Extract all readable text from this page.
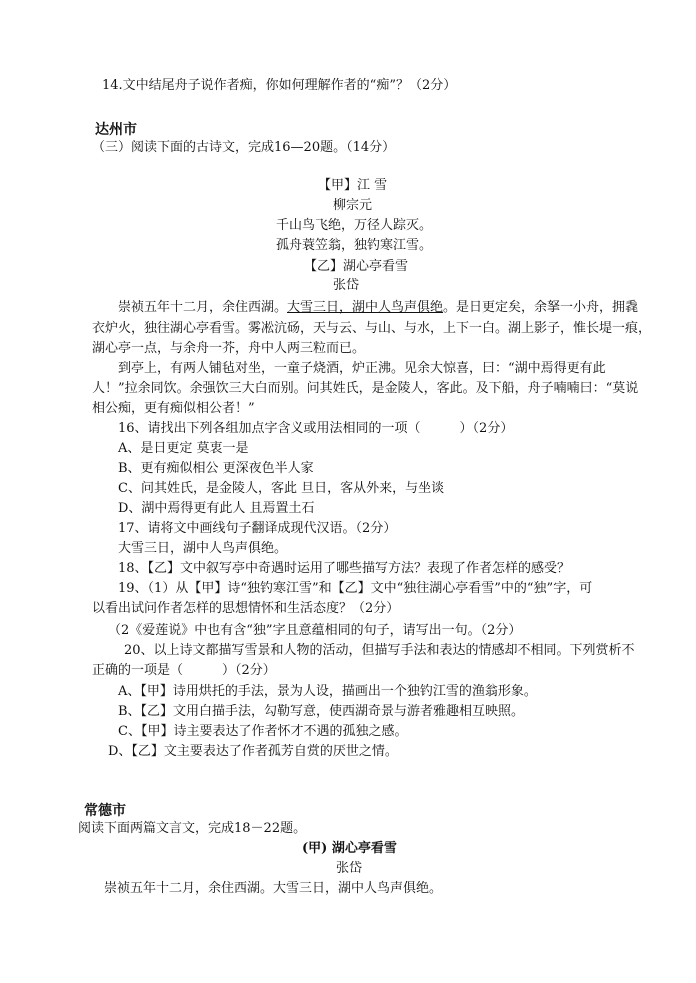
14.文中结尾舟子说作者痴，你如何理解作者的“痴”？（2分）
达州市
（三）阅读下面的古诗文，完成16—20题。（14分）
【甲】江 雪
柳宗元
千山鸟飞绝，万径人踪灭。
孤舟蓑笠翁，独钓寒江雪。
【乙】湖心亭看雪
张岱
崇祯五年十二月，余住西湖。大雪三日，湖中人鸟声俱绝。是日更定矣，余拏一小舟，拥毳
衣炉火，独往湖心亭看雪。雾凇沆砀，天与云、与山、与水，上下一白。湖上影子，惟长堤一痕，
湖心亭一点，与余舟一芥，舟中人两三粒而已。
到亭上，有两人铺毡对坐，一童子烧酒，炉正沸。见余大惊喜，曰：“湖中焉得更有此
人！”拉余同饮。余强饮三大白而别。问其姓氏，是金陵人，客此。及下船，舟子喃喃曰：“莫说
相公痴，更有痴似相公者！”
16、请找出下列各组加点字含义或用法相同的一项（　　　）（2分）
A、是日更定 莫衷一是
B、更有痴似相公 更深夜色半人家
C、问其姓氏，是金陵人，客此 旦日，客从外来，与坐谈
D、湖中焉得更有此人 且焉置土石
17、请将文中画线句子翻译成现代汉语。（2分）
大雪三日，湖中人鸟声俱绝。
18、【乙】文中叙写亭中奇遇时运用了哪些描写方法？表现了作者怎样的感受？
19、（1）从【甲】诗“独钓寒江雪”和【乙】文中“独往湖心亭看雪”中的“独”字，可
以看出试问作者怎样的思想情怀和生活态度？（2分）
（2《爱莲说》中也有含“独”字且意蕴相同的句子，请写出一句。（2分）
20、以上诗文都描写雪景和人物的活动，但描写手法和表达的情感却不相同。下列赏析不
正确的一项是（　　　）（2分）
A、【甲】诗用烘托的手法，景为人设，描画出一个独钓江雪的渔翁形象。
B、【乙】文用白描手法，勾勒写意，使西湖奇景与游者雅趣相互映照。
C、【甲】诗主要表达了作者怀才不遇的孤独之感。
D、【乙】文主要表达了作者孤芳自赏的厌世之情。
常德市
阅读下面两篇文言文，完成18－22题。
(甲) 湖心亭看雪
张岱
崇祯五年十二月，余住西湖。大雪三日，湖中人鸟声俱绝。
